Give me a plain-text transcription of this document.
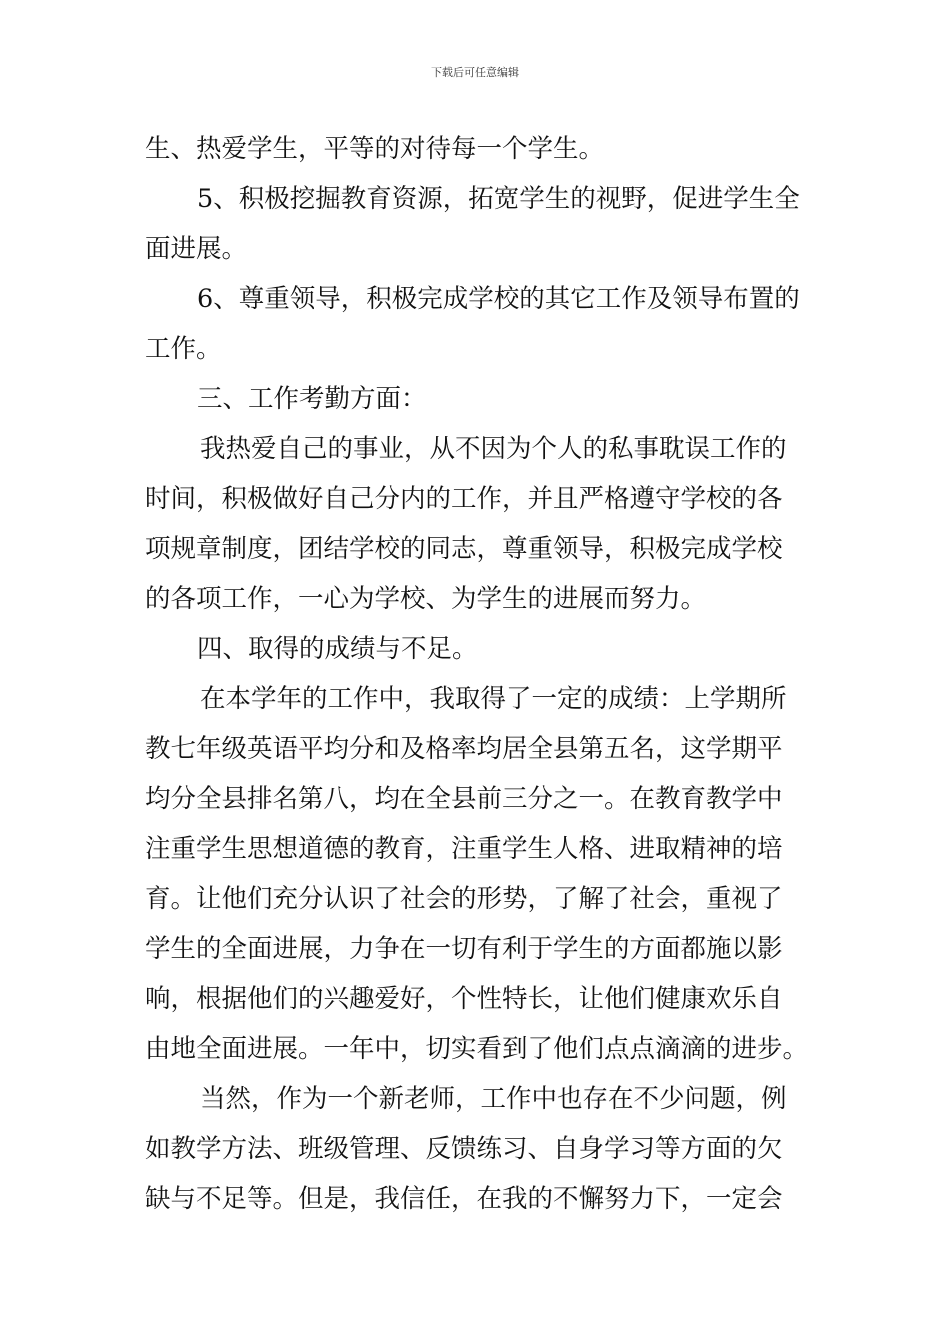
下载后可任意编辑
生、热爱学生，平等的对待每一个学生。
5、积极挖掘教育资源，拓宽学生的视野，促进学生全
面进展。
6、尊重领导，积极完成学校的其它工作及领导布置的
工作。
三、工作考勤方面：
我热爱自己的事业，从不因为个人的私事耽误工作的
时间，积极做好自己分内的工作，并且严格遵守学校的各
项规章制度，团结学校的同志，尊重领导，积极完成学校
的各项工作，一心为学校、为学生的进展而努力。
四、取得的成绩与不足。
在本学年的工作中，我取得了一定的成绩：上学期所
教七年级英语平均分和及格率均居全县第五名，这学期平
均分全县排名第八，均在全县前三分之一。在教育教学中
注重学生思想道德的教育，注重学生人格、进取精神的培
育。让他们充分认识了社会的形势，了解了社会，重视了
学生的全面进展，力争在一切有利于学生的方面都施以影
响，根据他们的兴趣爱好，个性特长，让他们健康欢乐自
由地全面进展。一年中，切实看到了他们点点滴滴的进步。
当然，作为一个新老师，工作中也存在不少问题，例
如教学方法、班级管理、反馈练习、自身学习等方面的欠
缺与不足等。但是，我信任，在我的不懈努力下，一定会
